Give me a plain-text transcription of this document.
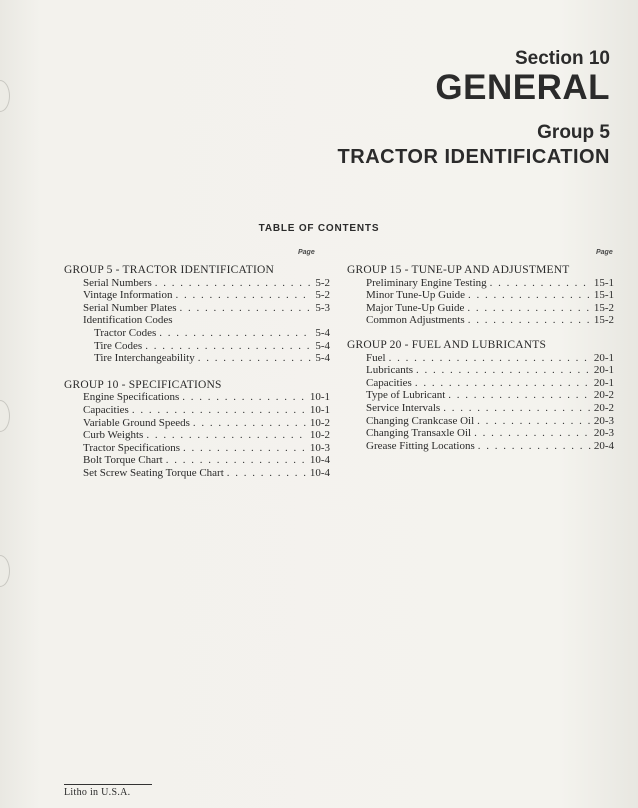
Section 10
GENERAL
Group 5
TRACTOR IDENTIFICATION
TABLE OF CONTENTS
Page	Page
GROUP 5 - TRACTOR IDENTIFICATION
Serial Numbers . . .	5-2
Vintage Information . . .	5-2
Serial Number Plates . . .	5-3
Identification Codes
Tractor Codes . . .	5-4
Tire Codes . . .	5-4
Tire Interchangeability . . .	5-4
GROUP 10 - SPECIFICATIONS
Engine Specifications . . .	10-1
Capacities . . .	10-1
Variable Ground Speeds . . .	10-2
Curb Weights . . .	10-2
Tractor Specifications . . .	10-3
Bolt Torque Chart . . .	10-4
Set Screw Seating Torque Chart . . .	10-4
GROUP 15 - TUNE-UP AND ADJUSTMENT
Preliminary Engine Testing . . .	15-1
Minor Tune-Up Guide . . .	15-1
Major Tune-Up Guide . . .	15-2
Common Adjustments . . .	15-2
GROUP 20 - FUEL AND LUBRICANTS
Fuel . . .	20-1
Lubricants . . .	20-1
Capacities . . .	20-1
Type of Lubricant . . .	20-2
Service Intervals . . .	20-2
Changing Crankcase Oil . . .	20-3
Changing Transaxle Oil . . .	20-3
Grease Fitting Locations . . .	20-4
Litho in U.S.A.
